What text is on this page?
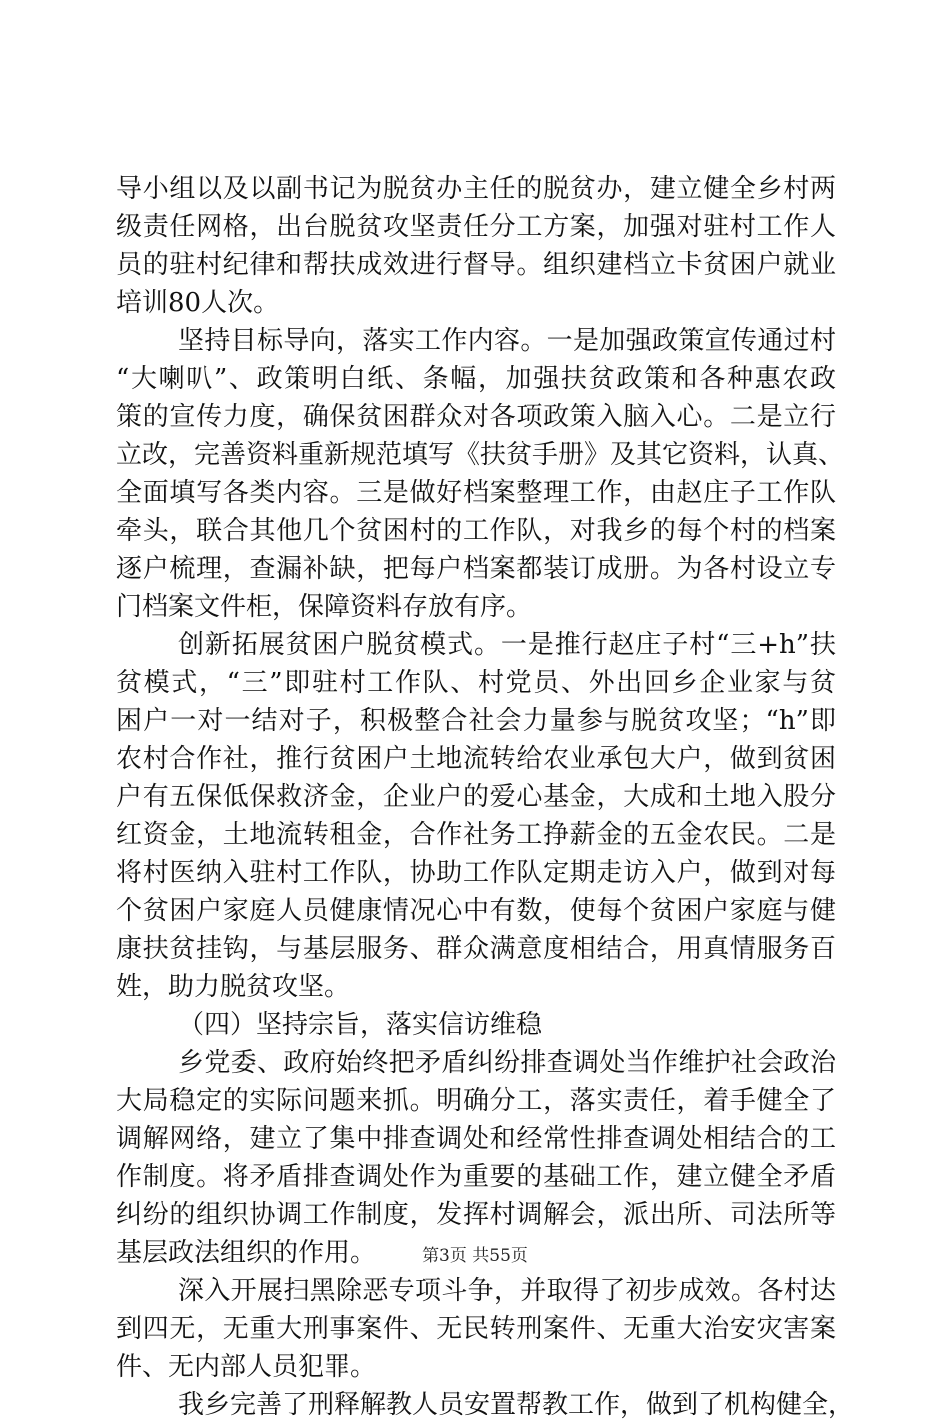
导小组以及以副书记为脱贫办主任的脱贫办，建立健全乡村两
级责任网格，出台脱贫攻坚责任分工方案，加强对驻村工作人
员的驻村纪律和帮扶成效进行督导。组织建档立卡贫困户就业
培训80人次。
坚持目标导向，落实工作内容。一是加强政策宣传通过村
“大喇叭”、政策明白纸、条幅，加强扶贫政策和各种惠农政
策的宣传力度，确保贫困群众对各项政策入脑入心。二是立行
立改，完善资料重新规范填写《扶贫手册》及其它资料，认真、
全面填写各类内容。三是做好档案整理工作，由赵庄子工作队
牵头，联合其他几个贫困村的工作队，对我乡的每个村的档案
逐户梳理，查漏补缺，把每户档案都装订成册。为各村设立专
门档案文件柜，保障资料存放有序。
创新拓展贫困户脱贫模式。一是推行赵庄子村“三+h”扶
贫模式，“三”即驻村工作队、村党员、外出回乡企业家与贫
困户一对一结对子，积极整合社会力量参与脱贫攻坚；“h”即
农村合作社，推行贫困户土地流转给农业承包大户，做到贫困
户有五保低保救济金，企业户的爱心基金，大成和土地入股分
红资金，土地流转租金，合作社务工挣薪金的五金农民。二是
将村医纳入驻村工作队，协助工作队定期走访入户，做到对每
个贫困户家庭人员健康情况心中有数，使每个贫困户家庭与健
康扶贫挂钩，与基层服务、群众满意度相结合，用真情服务百
姓，助力脱贫攻坚。
（四）坚持宗旨，落实信访维稳
乡党委、政府始终把矛盾纠纷排查调处当作维护社会政治
大局稳定的实际问题来抓。明确分工，落实责任，着手健全了
调解网络，建立了集中排查调处和经常性排查调处相结合的工
作制度。将矛盾排查调处作为重要的基础工作，建立健全矛盾
纠纷的组织协调工作制度，发挥村调解会，派出所、司法所等
基层政法组织的作用。
深入开展扫黑除恶专项斗争，并取得了初步成效。各村达
到四无，无重大刑事案件、无民转刑案件、无重大治安灾害案
件、无内部人员犯罪。
我乡完善了刑释解教人员安置帮教工作，做到了机构健全，
第3页 共55页
